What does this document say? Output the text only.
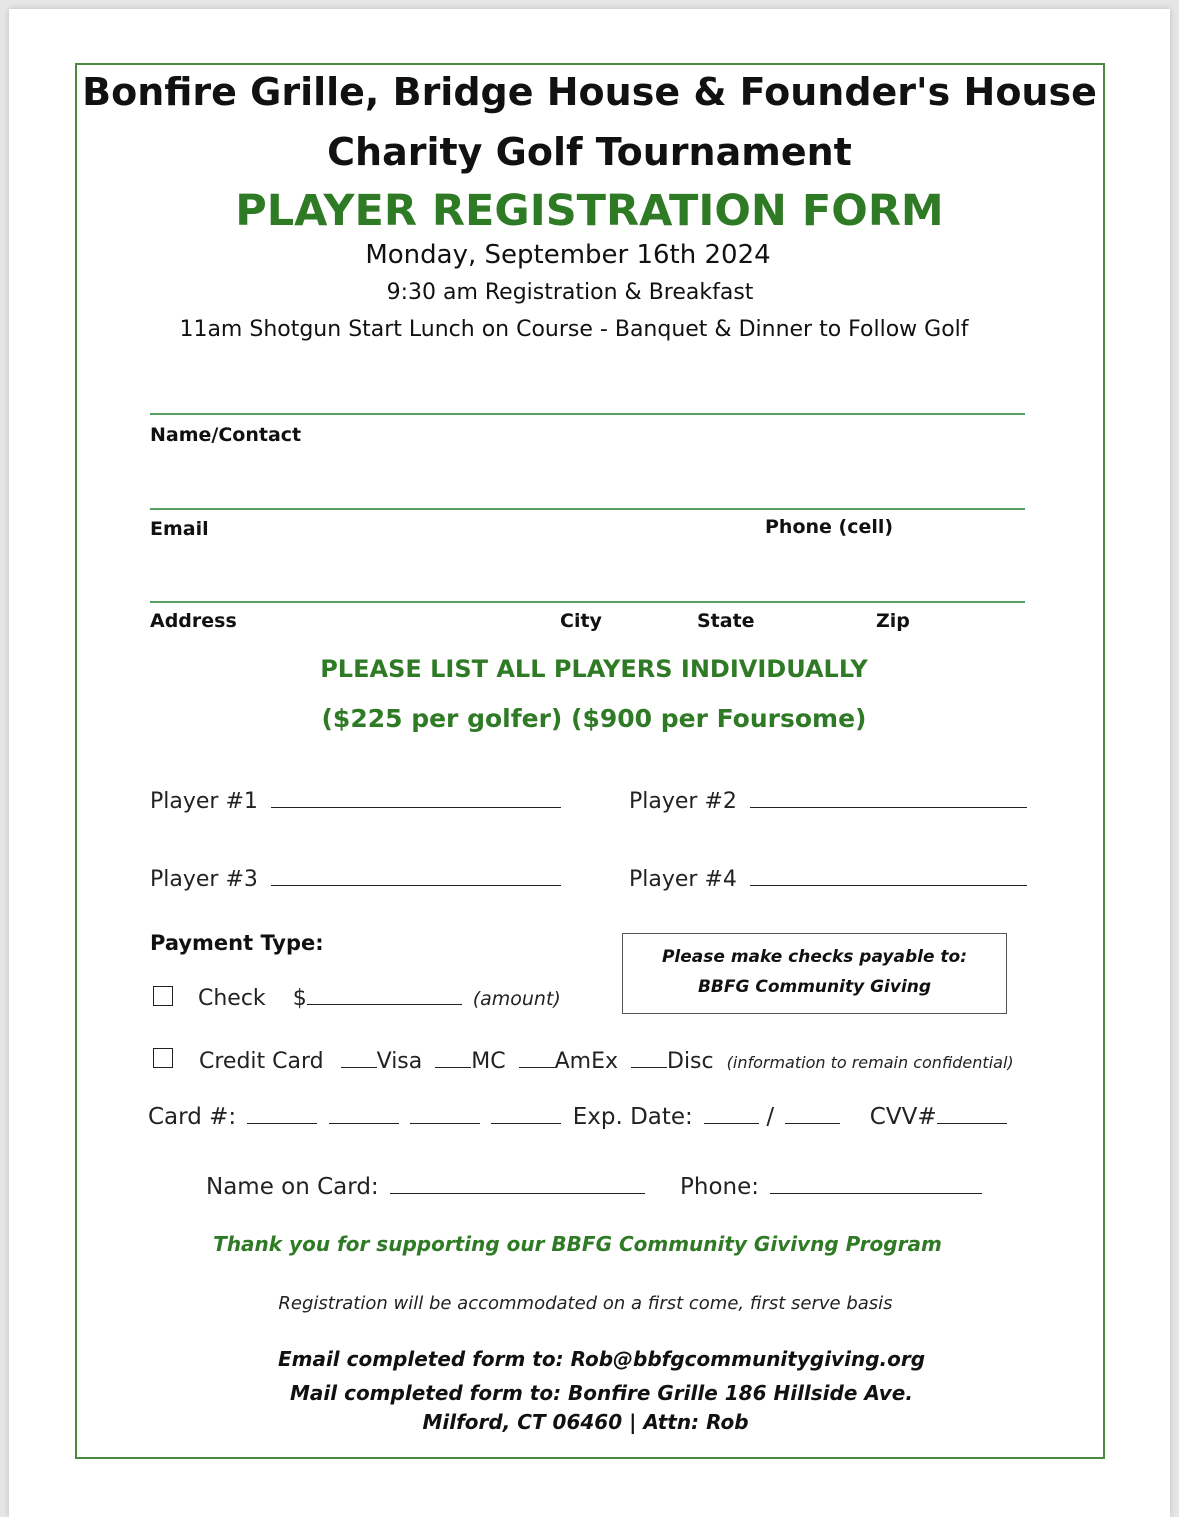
Bonfire Grille, Bridge House & Founder's House
Charity Golf Tournament
PLAYER REGISTRATION FORM
Monday, September 16th 2024
9:30 am Registration & Breakfast
11am Shotgun Start Lunch on Course - Banquet & Dinner to Follow Golf
Name/Contact
Email	Phone (cell)
Address	City	State	Zip
PLEASE LIST ALL PLAYERS INDIVIDUALLY
($225 per golfer) ($900 per Foursome)
Player #1	Player #2
Player #3	Player #4
Payment Type:
Please make checks payable to:
BBFG Community Giving
Check $	(amount)
Credit Card Visa MC AmEx Disc (information to remain confidential)
Card #:	Exp. Date:	/	CVV#
Name on Card:	Phone:
Thank you for supporting our BBFG Community Givivng Program
Registration will be accommodated on a first come, first serve basis
Email completed form to: Rob@bbfgcommunitygiving.org
Mail completed form to: Bonfire Grille 186 Hillside Ave.
Milford, CT 06460 | Attn: Rob
